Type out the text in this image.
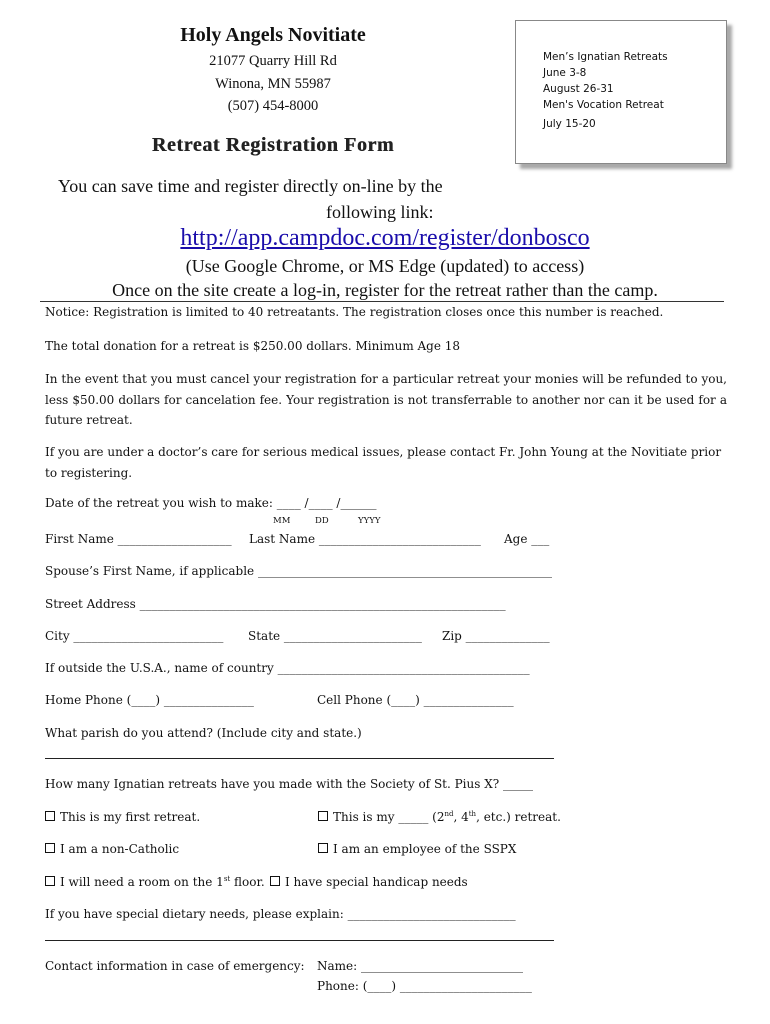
Holy Angels Novitiate
21077 Quarry Hill Rd
Winona, MN 55987
(507) 454-8000
Retreat Registration Form
Men’s Ignatian Retreats
June 3-8
August 26-31
Men's Vocation Retreat
July 15-20
You can save time and register directly on-line by the
following link:
http://app.campdoc.com/register/donbosco
(Use Google Chrome, or MS Edge (updated) to access)
Once on the site create a log-in, register for the retreat rather than the camp.
Notice: Registration is limited to 40 retreatants. The registration closes once this number is reached.
The total donation for a retreat is $250.00 dollars. Minimum Age 18
In the event that you must cancel your registration for a particular retreat your monies will be refunded to you, less $50.00 dollars for cancelation fee. Your registration is not transferrable to another nor can it be used for a future retreat.
If you are under a doctor’s care for serious medical issues, please contact Fr. John Young at the Novitiate prior to registering.
Date of the retreat you wish to make: ____ /____ /______
MM	DD	YYYY
First Name ___________________ Last Name ___________________________ Age ___
Spouse’s First Name, if applicable _________________________________________________
Street Address _____________________________________________________________
City _________________________ State _______________________ Zip ______________
If outside the U.S.A., name of country __________________________________________
Home Phone (____) _______________	Cell Phone (____) _______________
What parish do you attend? (Include city and state.)
How many Ignatian retreats have you made with the Society of St. Pius X? _____
This is my first retreat.	This is my _____ (2nd, 4th, etc.) retreat.
I am a non-Catholic	I am an employee of the SSPX
I will need a room on the 1st floor.	I have special handicap needs
If you have special dietary needs, please explain: ____________________________
Contact information in case of emergency: Name: ___________________________
Phone: (____) ______________________
